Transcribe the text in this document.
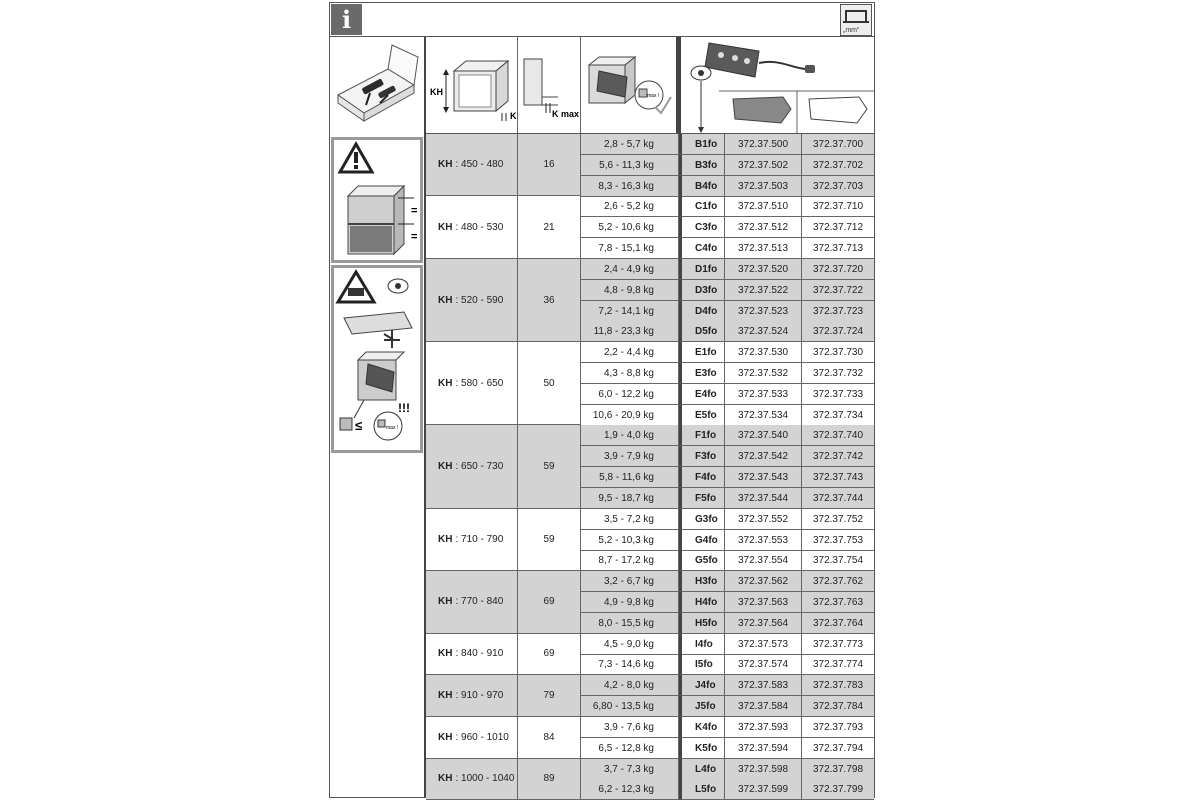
i	„mm“
KH
K	K max
max !
=
=
≤	max !
!!!
KH : 450 - 480	16
2,8 - 5,7 kg	B1fo	372.37.500	372.37.700
5,6 - 11,3 kg	B3fo	372.37.502	372.37.702
8,3 - 16,3 kg	B4fo	372.37.503	372.37.703
KH : 480 - 530	21
2,6 - 5,2 kg	C1fo	372.37.510	372.37.710
5,2 - 10,6 kg	C3fo	372.37.512	372.37.712
7,8 - 15,1 kg	C4fo	372.37.513	372.37.713
KH : 520 - 590	36
2,4 - 4,9 kg	D1fo	372.37.520	372.37.720
4,8 - 9,8 kg	D3fo	372.37.522	372.37.722
7,2 - 14,1 kg	D4fo	372.37.523	372.37.723
11,8 - 23,3 kg	D5fo	372.37.524	372.37.724
KH : 580 - 650	50
2,2 - 4,4 kg	E1fo	372.37.530	372.37.730
4,3 - 8,8 kg	E3fo	372.37.532	372.37.732
6,0 - 12,2 kg	E4fo	372.37.533	372.37.733
10,6 - 20,9 kg	E5fo	372.37.534	372.37.734
KH : 650 - 730	59
1,9 - 4,0 kg	F1fo	372.37.540	372.37.740
3,9 - 7,9 kg	F3fo	372.37.542	372.37.742
5,8 - 11,6 kg	F4fo	372.37.543	372.37.743
9,5 - 18,7 kg	F5fo	372.37.544	372.37.744
KH : 710 - 790	59
3,5 - 7,2 kg	G3fo	372.37.552	372.37.752
5,2 - 10,3 kg	G4fo	372.37.553	372.37.753
8,7 - 17,2 kg	G5fo	372.37.554	372.37.754
KH : 770 - 840	69
3,2 - 6,7 kg	H3fo	372.37.562	372.37.762
4,9 - 9,8 kg	H4fo	372.37.563	372.37.763
8,0 - 15,5 kg	H5fo	372.37.564	372.37.764
KH : 840 - 910	69
4,5 - 9,0 kg	I4fo	372.37.573	372.37.773
7,3 - 14,6 kg	I5fo	372.37.574	372.37.774
KH : 910 - 970	79
4,2 - 8,0 kg	J4fo	372.37.583	372.37.783
6,80 - 13,5 kg	J5fo	372.37.584	372.37.784
KH : 960 - 1010	84
3,9 - 7,6 kg	K4fo	372.37.593	372.37.793
6,5 - 12,8 kg	K5fo	372.37.594	372.37.794
KH : 1000 - 1040	89
3,7 - 7,3 kg	L4fo	372.37.598	372.37.798
6,2 - 12,3 kg	L5fo	372.37.599	372.37.799
